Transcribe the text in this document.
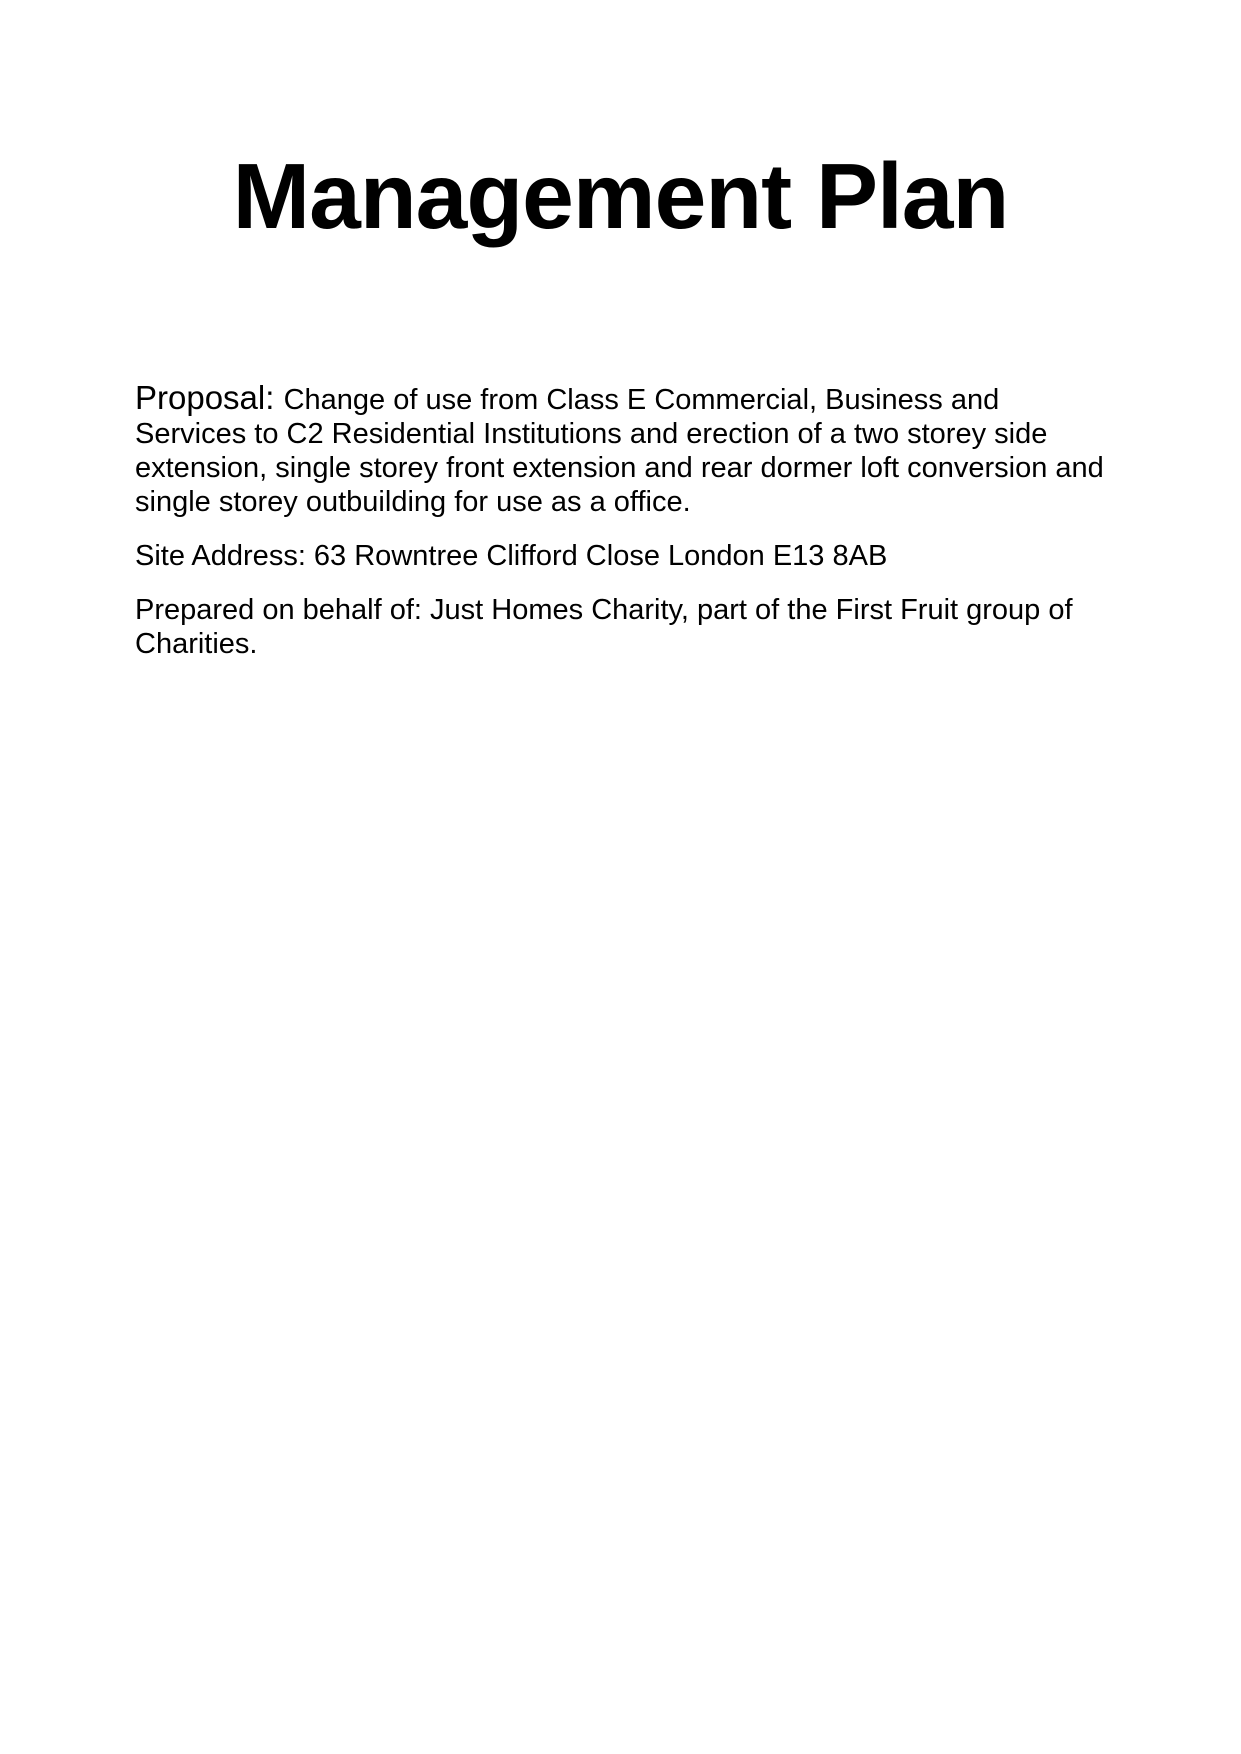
Management Plan

Proposal: Change of use from Class E Commercial, Business and Services to C2 Residential Institutions and erection of a two storey side extension, single storey front extension and rear dormer loft conversion and single storey outbuilding for use as a office.

Site Address: 63 Rowntree Clifford Close London E13 8AB

Prepared on behalf of: Just Homes Charity, part of the First Fruit group of Charities.
